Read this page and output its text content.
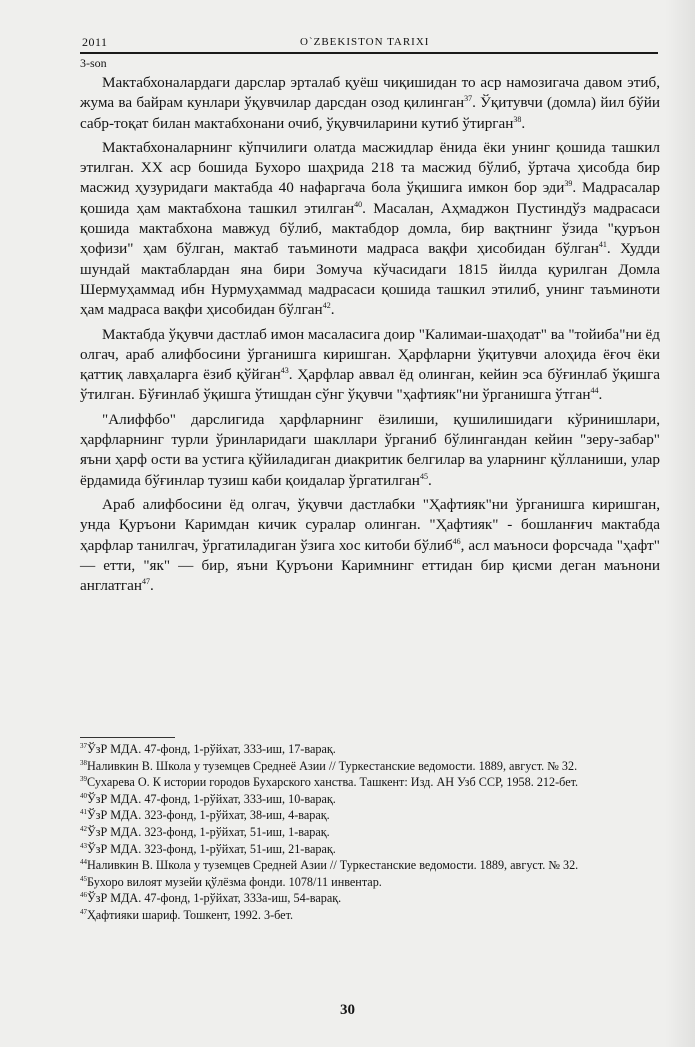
2011	O`ZBEKISTON TARIXI
3-son

Мактабхоналардаги дарслар эрталаб қуёш чиқишидан то аср намозигача давом этиб, жума ва байрам кунлари ўқувчилар дарсдан озод қилинган$^{37}$. Ўқитувчи (домла) йил бўйи сабр-тоқат билан мактабхонани очиб, ўқувчиларини кутиб ўтирган$^{38}$.

Мактабхоналарнинг кўпчилиги олатда масжидлар ёнида ёки унинг қошида ташкил этилган. XX аср бошида Бухоро шаҳрида 218 та масжид бўлиб, ўртача ҳисобда бир масжид ҳузуридаги мактабда 40 нафаргача бола ўқишига имкон бор эди$^{39}$. Мадрасалар қошида ҳам мактабхона ташкил этилган$^{40}$. Масалан, Аҳмаджон Пустиндўз мадрасаси қошида мактабхона мавжуд бўлиб, мактабдор домла, бир вақтнинг ўзида "қуръон ҳофизи" ҳам бўлган, мактаб таъминоти мадраса вақфи ҳисобидан бўлган$^{41}$. Худди шундай мактаблардан яна бири Зомуча кўчасидаги 1815 йилда қурилган Домла Шермуҳаммад ибн Нурмуҳаммад мадрасаси қошида ташкил этилиб, унинг таъминоти ҳам мадраса вақфи ҳисобидан бўлган$^{42}$.

Мактабда ўқувчи дастлаб имон масаласига доир "Калимаи-шаҳодат" ва "тойиба"ни ёд олгач, араб алифбосини ўрганишга киришган. Ҳарфларни ўқитувчи алоҳида ёғоч ёки қаттиқ лавҳаларга ёзиб қўйган$^{43}$. Ҳарфлар аввал ёд олинган, кейин эса бўғинлаб ўқишга ўтилган. Бўғинлаб ўқишга ўтишдан сўнг ўқувчи "ҳафтияк"ни ўрганишга ўтган$^{44}$.

"Алиффбо" дарслигида ҳарфларнинг ёзилиши, қушилишидаги кўринишлари, ҳарфларнинг турли ўринларидаги шакллари ўрганиб бўлингандан кейин "зеру-забар" яъни ҳарф ости ва устига қўйиладиган диакритик белгилар ва уларнинг қўлланиши, улар ёрдамида бўғинлар тузиш каби қоидалар ўргатилган$^{45}$.

Араб алифбосини ёд олгач, ўқувчи дастлабки "Ҳафтияк"ни ўрганишга киришган, унда Қуръони Каримдан кичик суралар олинган. "Ҳафтияк" - бошланғич мактабда ҳарфлар танилгач, ўргатиладиган ўзига хос китоби бўлиб$^{46}$, асл маъноси форсчада "ҳафт" — етти, "як" — бир, яъни Қуръони Каримнинг еттидан бир қисми деган маънони англатган$^{47}$.

$^{37}$ЎзР МДА. 47-фонд, 1-рўйхат, 333-иш, 17-варақ.

$^{38}$Наливкин В. Школа у туземцев Среднеё Азии // Туркестанские ведомости. 1889, август. № 32.

$^{39}$Сухарева О. К истории городов Бухарского ханства. Ташкент: Изд. АН Узб ССР, 1958. 212-бет.

$^{40}$ЎзР МДА. 47-фонд, 1-рўйхат, 333-иш, 10-варақ.

$^{41}$ЎзР МДА. 323-фонд, 1-рўйхат, 38-иш, 4-варақ.

$^{42}$ЎзР МДА. 323-фонд, 1-рўйхат, 51-иш, 1-варақ.

$^{43}$ЎзР МДА. 323-фонд, 1-рўйхат, 51-иш, 21-варақ.

$^{44}$Наливкин В. Школа у туземцев Средней Азии // Туркестанские ведомости. 1889, август. № 32.

$^{45}$Бухоро вилоят музейи қўлёзма фонди. 1078/11 инвентар.

$^{46}$ЎзР МДА. 47-фонд, 1-рўйхат, 333а-иш, 54-варақ.

$^{47}$Ҳафтияки шариф. Тошкент, 1992. 3-бет.

30
